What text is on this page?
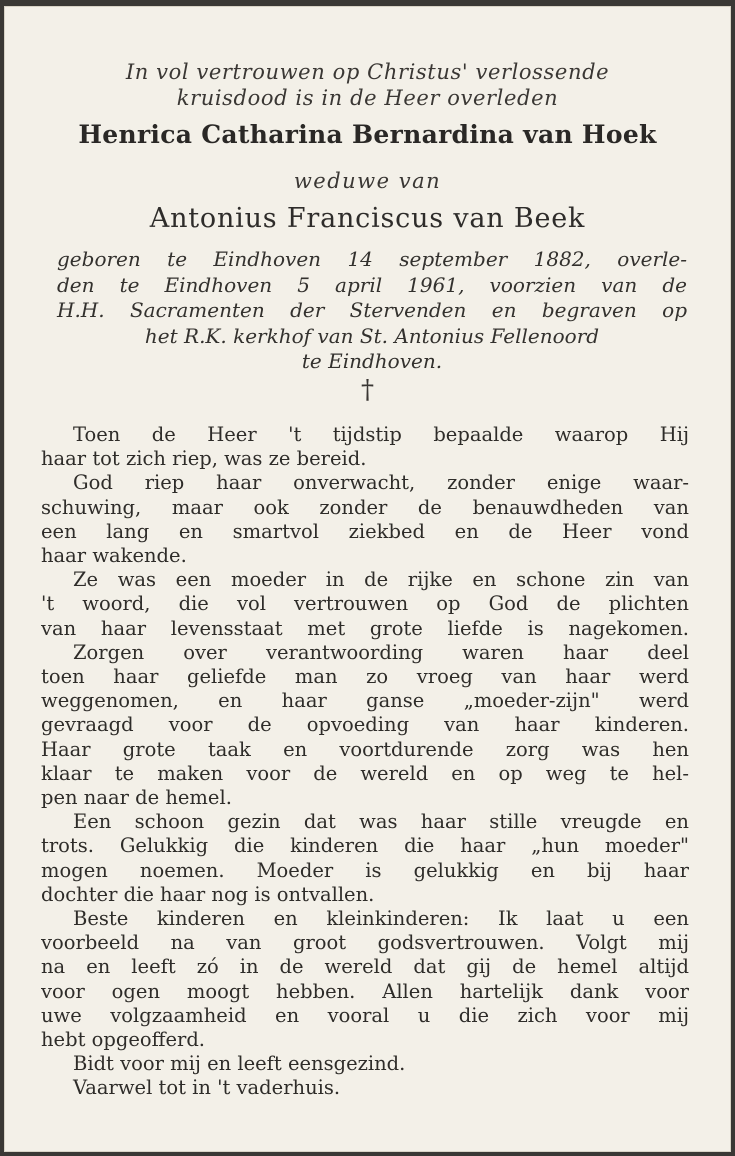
In vol vertrouwen op Christus' verlossende
kruisdood is in de Heer overleden
Henrica Catharina Bernardina van Hoek
weduwe van
Antonius Franciscus van Beek
geboren te Eindhoven 14 september 1882, overle-
den te Eindhoven 5 april 1961, voorzien van de
H.H. Sacramenten der Stervenden en begraven op
het R.K. kerkhof van St. Antonius Fellenoord
te Eindhoven.
†
Toen de Heer 't tijdstip bepaalde waarop Hij
haar tot zich riep, was ze bereid.
God riep haar onverwacht, zonder enige waar-
schuwing, maar ook zonder de benauwdheden van
een lang en smartvol ziekbed en de Heer vond
haar wakende.
Ze was een moeder in de rijke en schone zin van
't woord, die vol vertrouwen op God de plichten
van haar levensstaat met grote liefde is nagekomen.
Zorgen over verantwoording waren haar deel
toen haar geliefde man zo vroeg van haar werd
weggenomen, en haar ganse „moeder-zijn" werd
gevraagd voor de opvoeding van haar kinderen.
Haar grote taak en voortdurende zorg was hen
klaar te maken voor de wereld en op weg te hel-
pen naar de hemel.
Een schoon gezin dat was haar stille vreugde en
trots. Gelukkig die kinderen die haar „hun moeder"
mogen noemen. Moeder is gelukkig en bij haar
dochter die haar nog is ontvallen.
Beste kinderen en kleinkinderen: Ik laat u een
voorbeeld na van groot godsvertrouwen. Volgt mij
na en leeft zó in de wereld dat gij de hemel altijd
voor ogen moogt hebben. Allen hartelijk dank voor
uwe volgzaamheid en vooral u die zich voor mij
hebt opgeofferd.
Bidt voor mij en leeft eensgezind.
Vaarwel tot in 't vaderhuis.
